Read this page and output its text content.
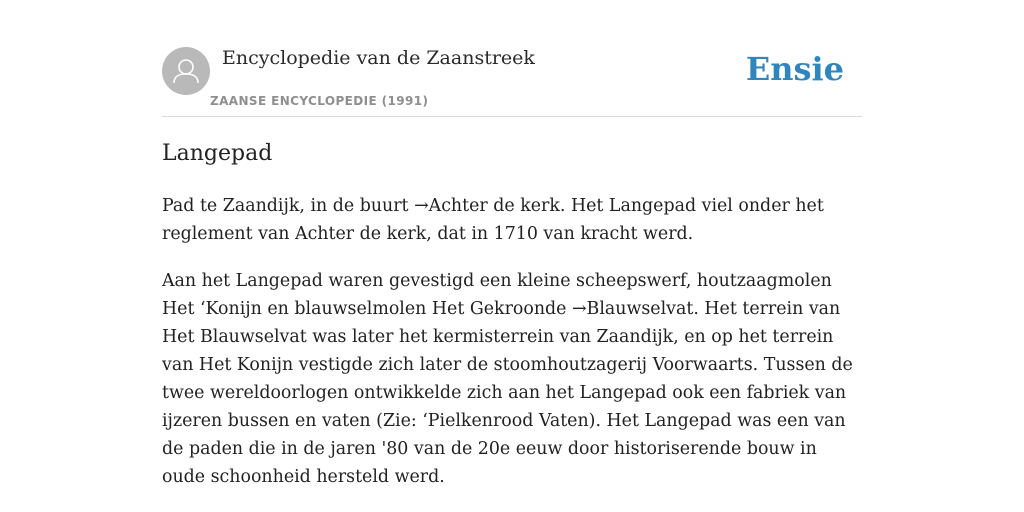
Encyclopedie van de Zaanstreek
ZAANSE ENCYCLOPEDIE (1991)
Ensie
Langepad

Pad te Zaandijk, in de buurt →Achter de kerk. Het Langepad viel onder het reglement van Achter de kerk, dat in 1710 van kracht werd.

Aan het Langepad waren gevestigd een kleine scheepswerf, houtzaagmolen Het ‘Konijn en blauwselmolen Het Gekroonde →Blauwselvat. Het terrein van Het Blauwselvat was later het kermisterrein van Zaandijk, en op het terrein van Het Konijn vestigde zich later de stoomhoutzagerij Voorwaarts. Tussen de twee wereldoorlogen ontwikkelde zich aan het Langepad ook een fabriek van ijzeren bussen en vaten (Zie: ‘Pielkenrood Vaten). Het Langepad was een van de paden die in de jaren '80 van de 20e eeuw door historiserende bouw in oude schoonheid hersteld werd.
